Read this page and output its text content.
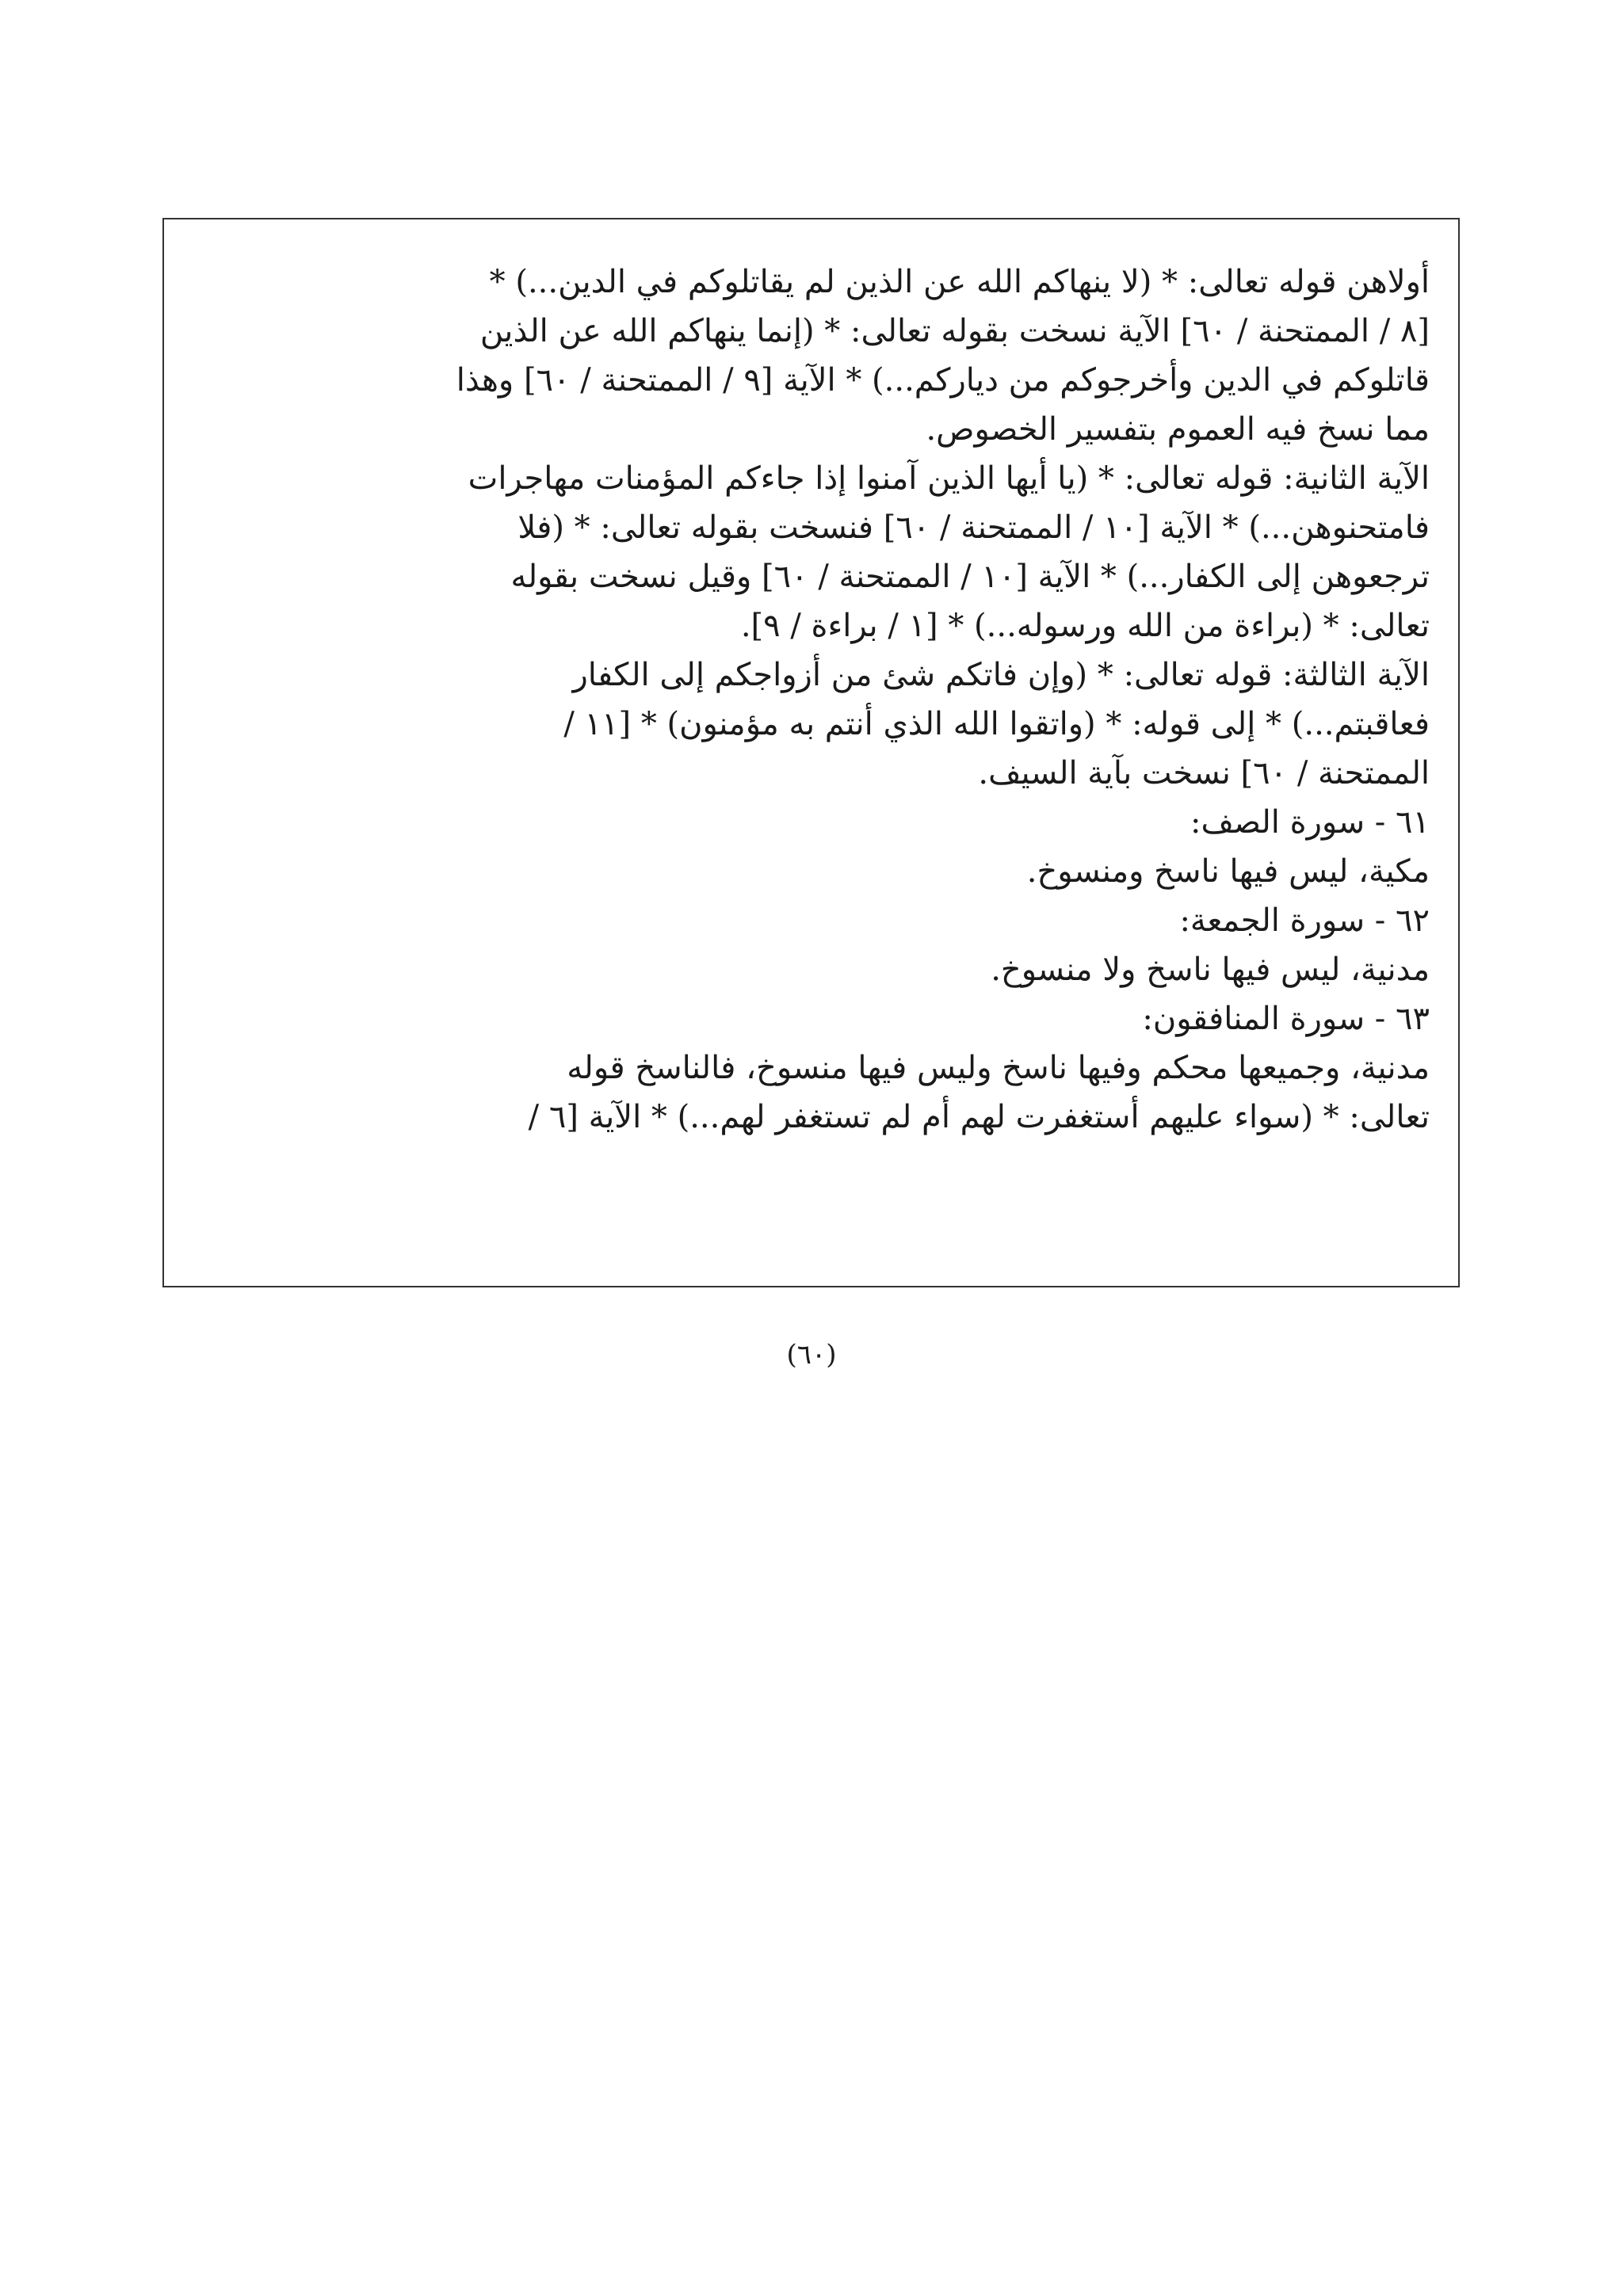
أولاهن قوله تعالى: * (لا ينهاكم الله عن الذين لم يقاتلوكم في الدين...) *
[٨ / الممتحنة / ٦٠] الآية نسخت بقوله تعالى: * (إنما ينهاكم الله عن الذين
قاتلوكم في الدين وأخرجوكم من دياركم...) * الآية [٩ / الممتحنة / ٦٠] وهذا
مما نسخ فيه العموم بتفسير الخصوص.
الآية الثانية: قوله تعالى: * (يا أيها الذين آمنوا إذا جاءكم المؤمنات مهاجرات
فامتحنوهن...) * الآية [١٠ / الممتحنة / ٦٠] فنسخت بقوله تعالى: * (فلا
ترجعوهن إلى الكفار...) * الآية [١٠ / الممتحنة / ٦٠] وقيل نسخت بقوله
تعالى: * (براءة من الله ورسوله...) * [١ / براءة / ٩].
الآية الثالثة: قوله تعالى: * (وإن فاتكم شئ من أزواجكم إلى الكفار
فعاقبتم...) * إلى قوله: * (واتقوا الله الذي أنتم به مؤمنون) * [١١ /
الممتحنة / ٦٠] نسخت بآية السيف.
٦١ - سورة الصف:
مكية، ليس فيها ناسخ ومنسوخ.
٦٢ - سورة الجمعة:
مدنية، ليس فيها ناسخ ولا منسوخ.
٦٣ - سورة المنافقون:
مدنية، وجميعها محكم وفيها ناسخ وليس فيها منسوخ، فالناسخ قوله
تعالى: * (سواء عليهم أستغفرت لهم أم لم تستغفر لهم...) * الآية [٦ /
(٦٠)
